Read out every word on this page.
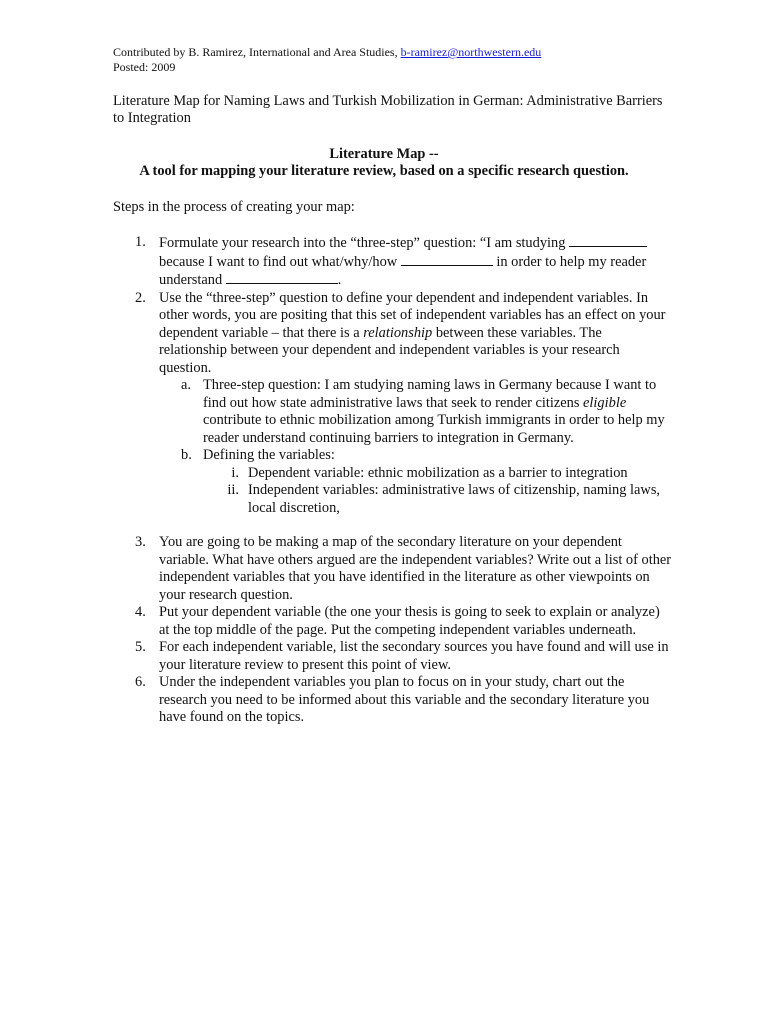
Contributed by B. Ramirez, International and Area Studies, b-ramirez@northwestern.edu
Posted: 2009
Literature Map for Naming Laws and Turkish Mobilization in German: Administrative Barriers to Integration
Literature Map --
A tool for mapping your literature review, based on a specific research question.
Steps in the process of creating your map:
1. Formulate your research into the “three-step” question: “I am studying  because I want to find out what/why/how	in order to help my reader understand	.
2. Use the “three-step” question to define your dependent and independent variables. In other words, you are positing that this set of independent variables has an effect on your dependent variable – that there is a relationship between these variables. The relationship between your dependent and independent variables is your research question.
a. Three-step question: I am studying naming laws in Germany because I want to find out how state administrative laws that seek to render citizens eligible contribute to ethnic mobilization among Turkish immigrants in order to help my reader understand continuing barriers to integration in Germany.
b. Defining the variables:
i. Dependent variable: ethnic mobilization as a barrier to integration
ii. Independent variables: administrative laws of citizenship, naming laws, local discretion,
3. You are going to be making a map of the secondary literature on your dependent variable. What have others argued are the independent variables? Write out a list of other independent variables that you have identified in the literature as other viewpoints on your research question.
4. Put your dependent variable (the one your thesis is going to seek to explain or analyze) at the top middle of the page. Put the competing independent variables underneath.
5. For each independent variable, list the secondary sources you have found and will use in your literature review to present this point of view.
6. Under the independent variables you plan to focus on in your study, chart out the research you need to be informed about this variable and the secondary literature you have found on the topics.
